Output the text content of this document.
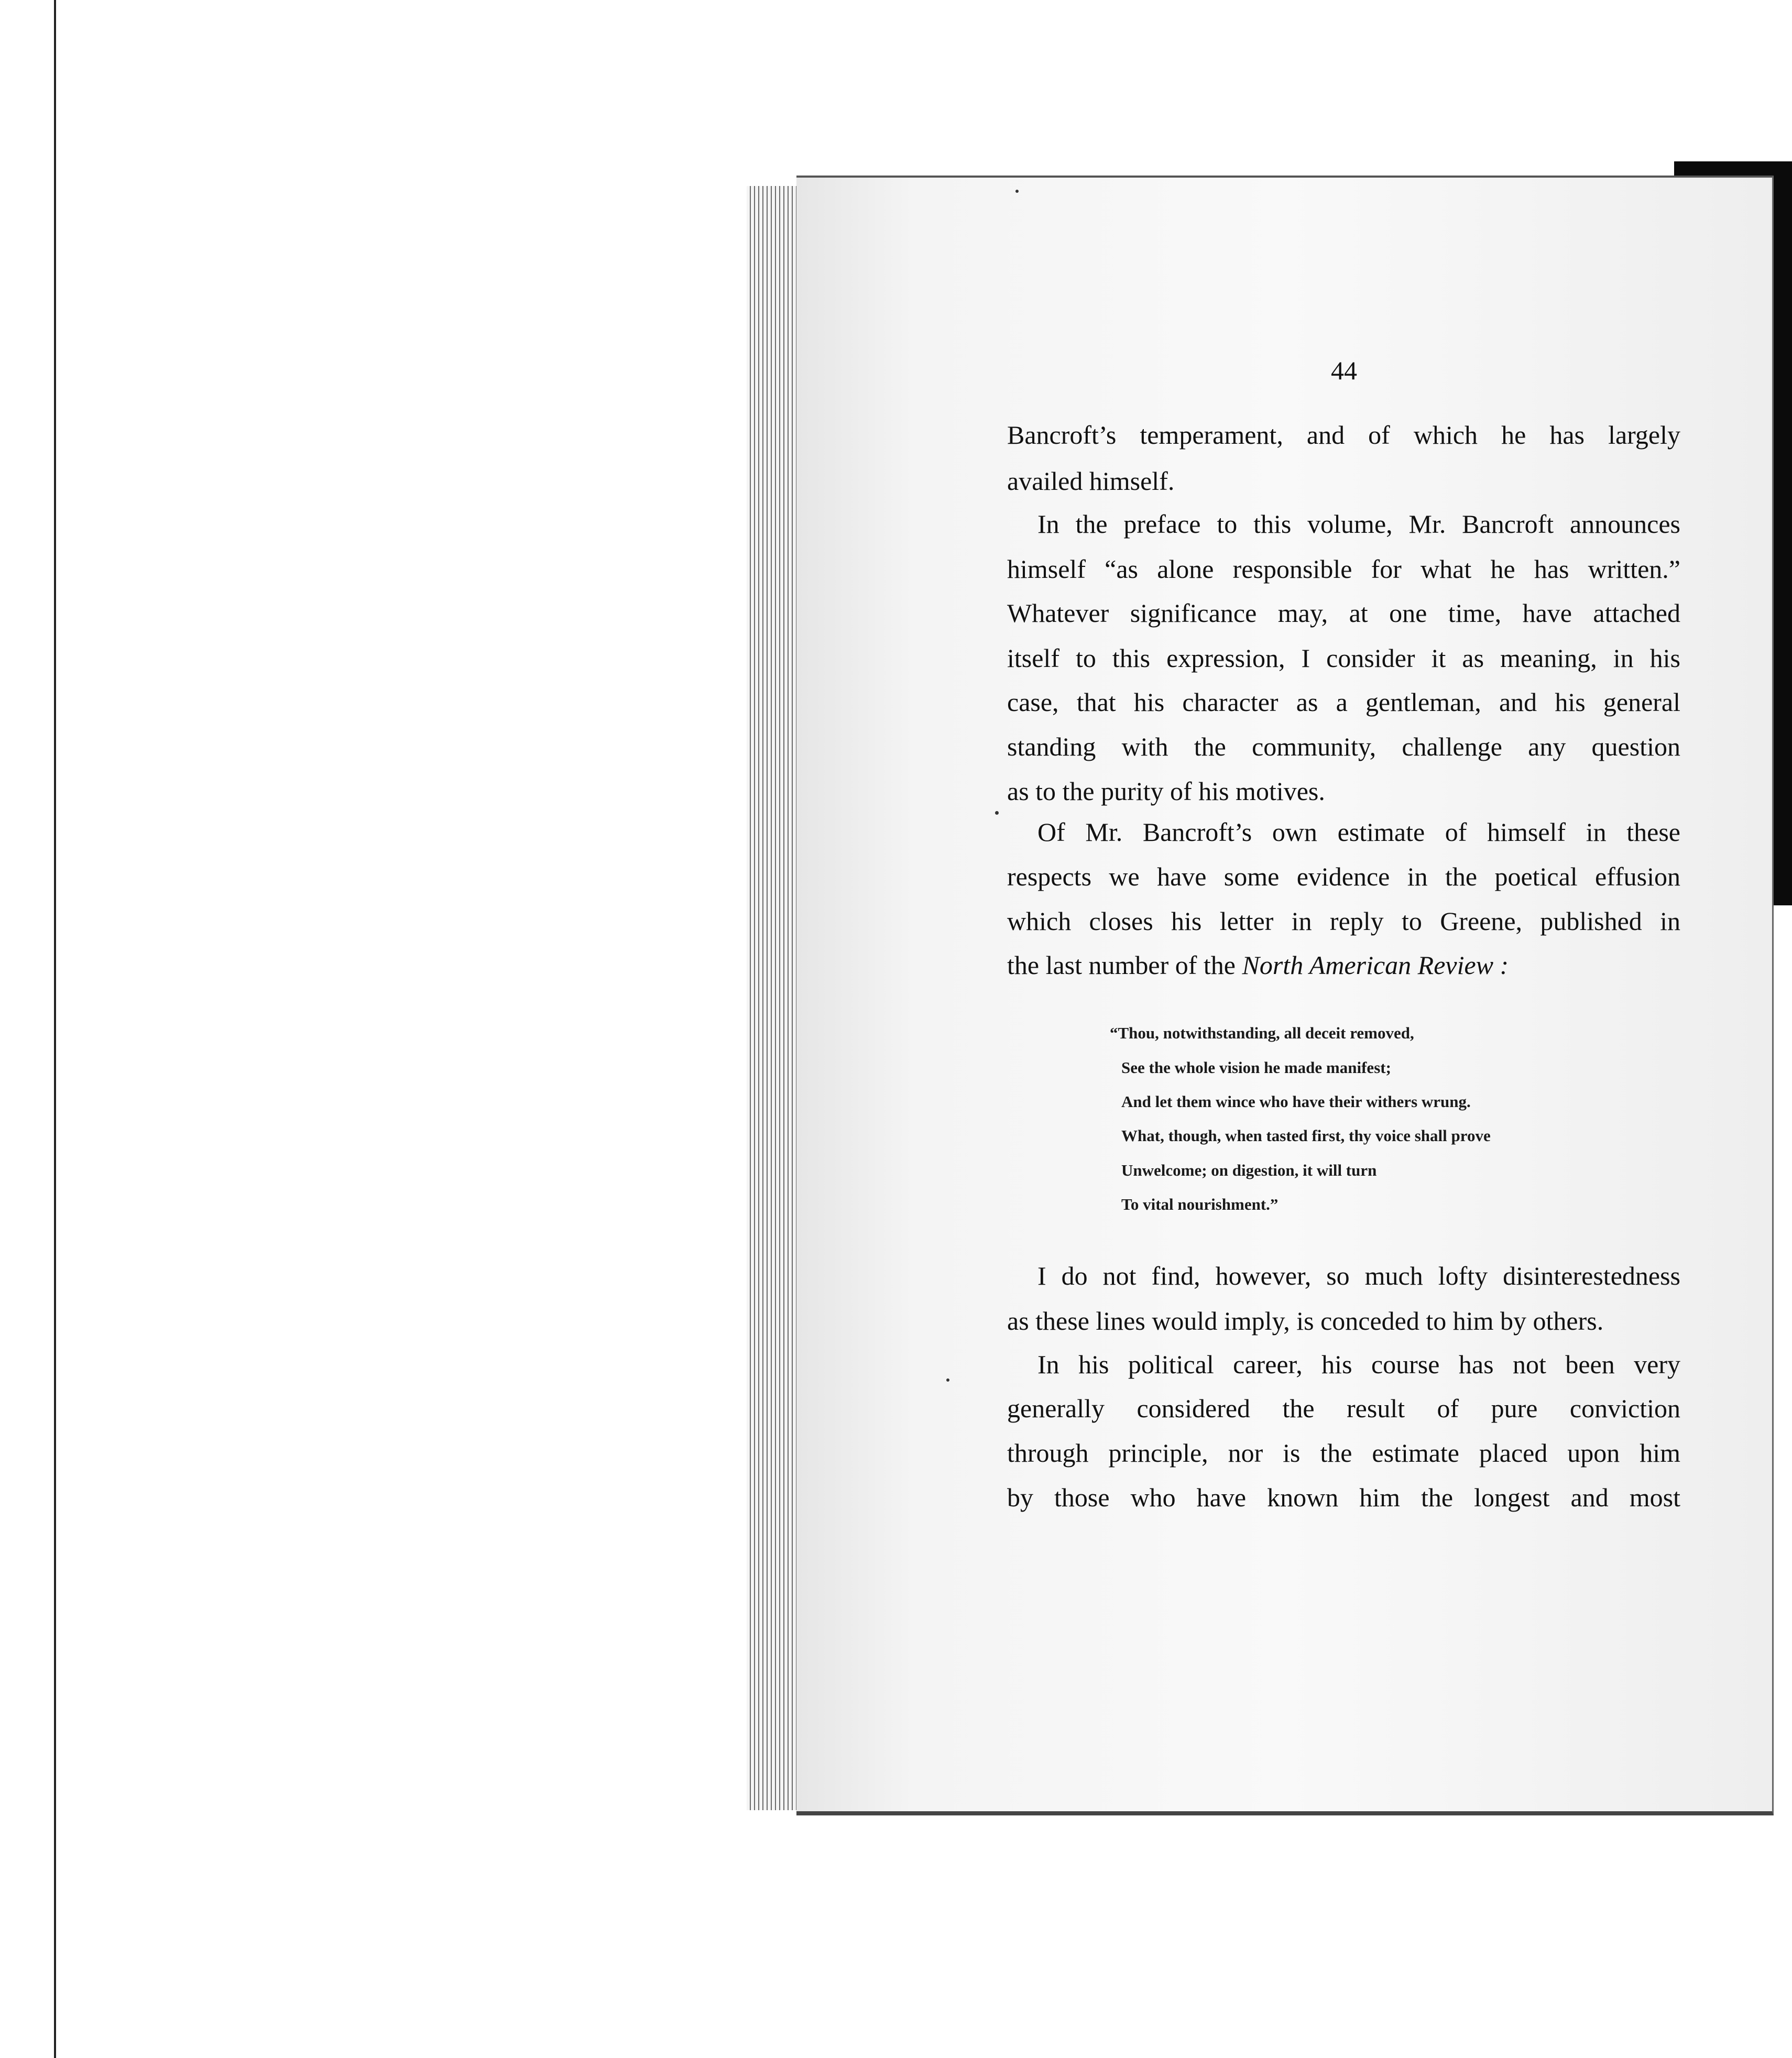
44
Bancroft’s temperament, and of which he has largely
availed himself.
In the preface to this volume, Mr. Bancroft announces
himself “as alone responsible for what he has written.”
Whatever significance may, at one time, have attached
itself to this expression, I consider it as meaning, in his
case, that his character as a gentleman, and his general
standing with the community, challenge any question
as to the purity of his motives.
Of Mr. Bancroft’s own estimate of himself in these
respects we have some evidence in the poetical effusion
which closes his letter in reply to Greene, published in
the last number of the North American Review :
“Thou, notwithstanding, all deceit removed,
See the whole vision he made manifest;
And let them wince who have their withers wrung.
What, though, when tasted first, thy voice shall prove
Unwelcome; on digestion, it will turn
To vital nourishment.”
I do not find, however, so much lofty disinterestedness
as these lines would imply, is conceded to him by others.
In his political career, his course has not been very
generally considered the result of pure conviction
through principle, nor is the estimate placed upon him
by those who have known him the longest and most
